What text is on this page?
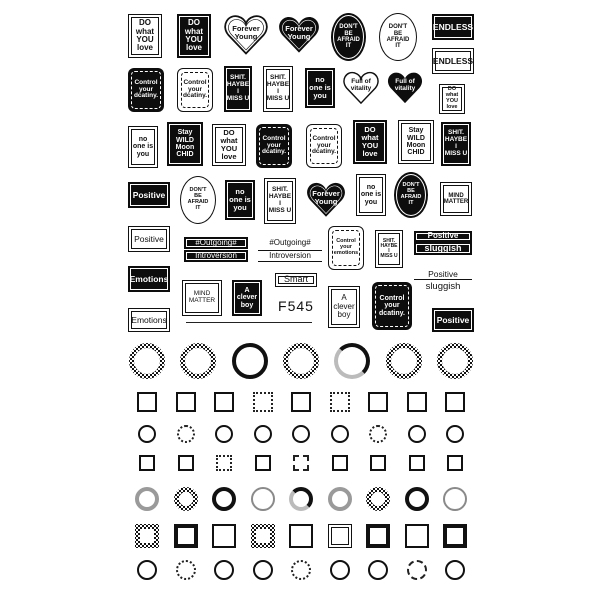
DO
what
YOU
love
DO
what
YOU
love
Forever
Young
Forever
Young
DON'T
BE
AFRAID
IT
DON'T
BE
AFRAID
IT
ENDLESS
ENDLESS
Control
your
dcatiny.
Control
your
dcatiny.
SHIT.
HAYBE
I
MISS U
SHIT.
HAYBE
I
MISS U
no
one is
you
Full of
vitality
Full of
vitality	DO
what
YOU
love
no
one is
you
Stay
WILD
Moon
CHID
DO
what
YOU
love
Control
your
dcatiny.
Control
your
dcatiny.
DO
what
YOU
love
Stay
WILD
Moon
CHID
SHIT.
HAYBE
I
MISS U
Positive	DON'T
BE
AFRAID
IT
no
one is
you
SHIT.
HAYBE
I
MISS U
Forever
Young
no
one is
you
DON'T
BE
AFRAID
IT
MIND
MATTER
Positive	#Outgoing#
Introversion
#Outgoing#
Introversion
Control
your
emotions
SHIT.
HAYBE
I
MISS U
Positive
sluggish
Emotions	Positive
sluggish
Smart
MIND
MATTER
A
clever
boy	F545	A
clever
boy
Control
your
dcatiny.
Emotions	Positive
